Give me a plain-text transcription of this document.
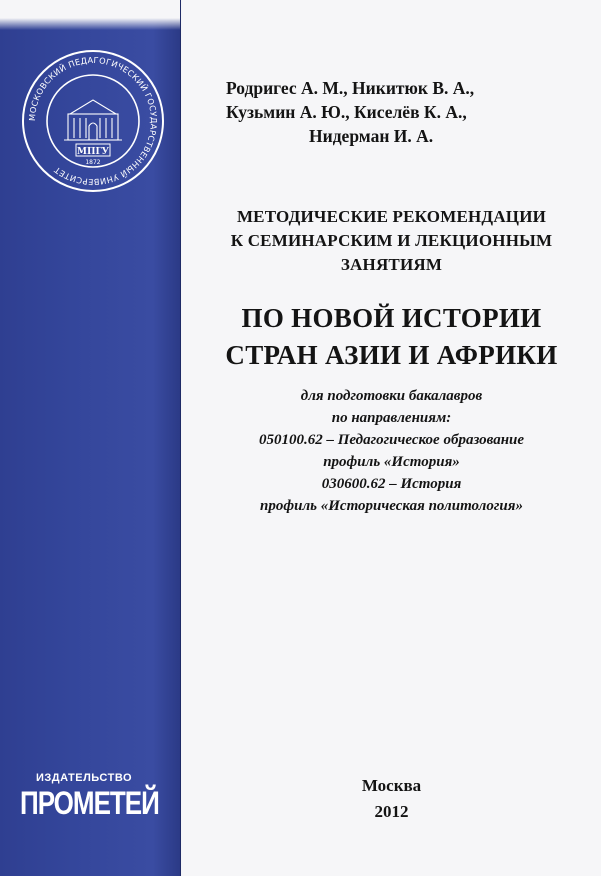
МОСКОВСКИЙ ПЕДАГОГИЧЕСКИЙ ГОСУДАРСТВЕННЫЙ УНИВЕРСИТЕТ
МПГУ
1872
ИЗДАТЕЛЬСТВО
ПРОМЕТЕЙ
Родригес А. М., Никитюк В. А.,
Кузьмин А. Ю., Киселёв К. А.,
Нидерман И. А.
МЕТОДИЧЕСКИЕ РЕКОМЕНДАЦИИ
К СЕМИНАРСКИМ И ЛЕКЦИОННЫМ
ЗАНЯТИЯМ
ПО НОВОЙ ИСТОРИИ
СТРАН АЗИИ И АФРИКИ
для подготовки бакалавров
по направлениям:
050100.62 – Педагогическое образование
профиль «История»
030600.62 – История
профиль «Историческая политология»
Москва
2012
